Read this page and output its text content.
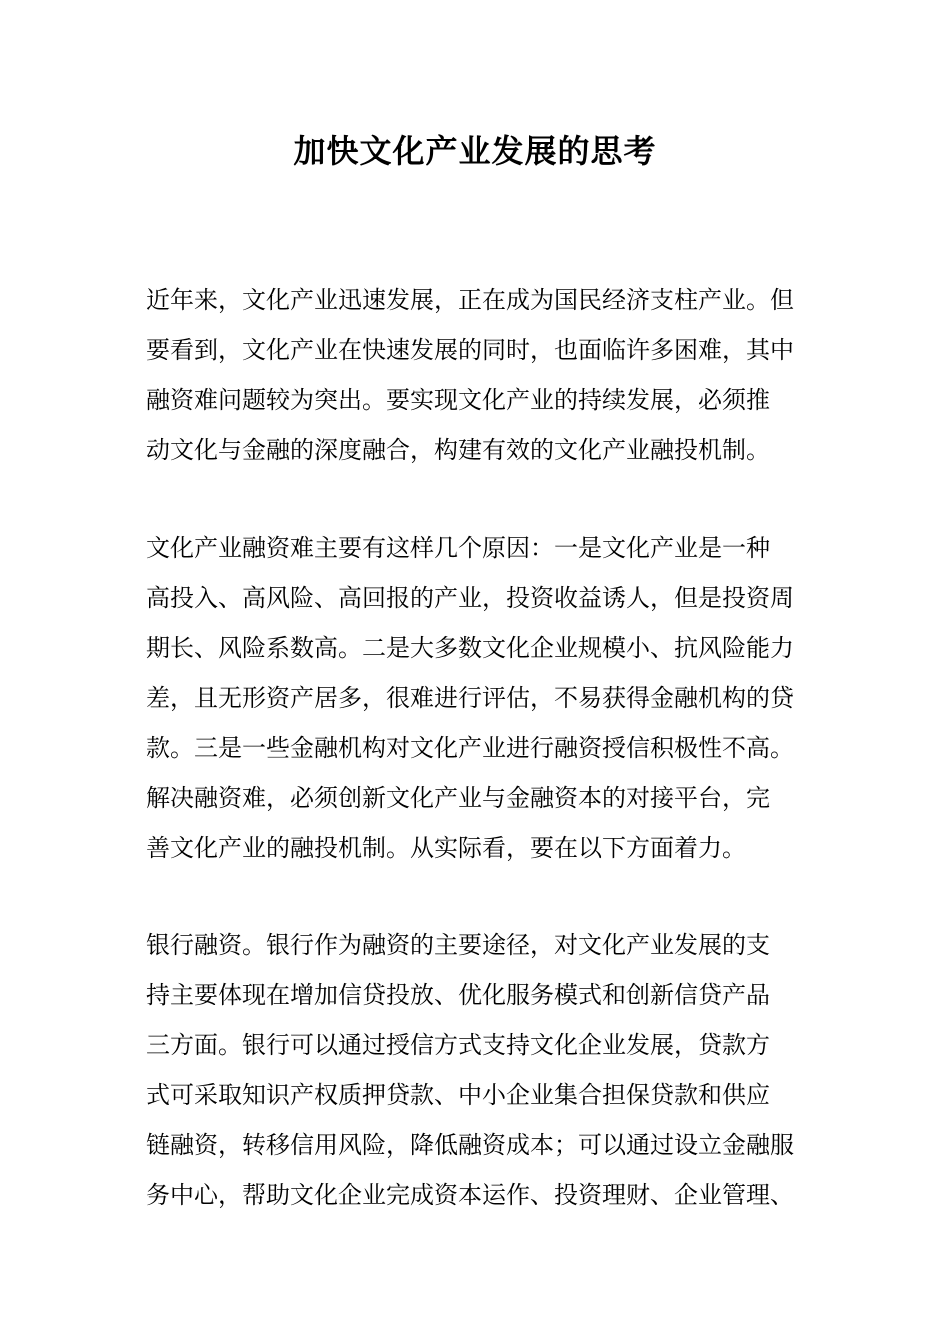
加快文化产业发展的思考
近年来，文化产业迅速发展，正在成为国民经济支柱产业。但
要看到，文化产业在快速发展的同时，也面临许多困难，其中
融资难问题较为突出。要实现文化产业的持续发展，必须推
动文化与金融的深度融合，构建有效的文化产业融投机制。
文化产业融资难主要有这样几个原因：一是文化产业是一种
高投入、高风险、高回报的产业，投资收益诱人，但是投资周
期长、风险系数高。二是大多数文化企业规模小、抗风险能力
差，且无形资产居多，很难进行评估，不易获得金融机构的贷
款。三是一些金融机构对文化产业进行融资授信积极性不高。
解决融资难，必须创新文化产业与金融资本的对接平台，完
善文化产业的融投机制。从实际看，要在以下方面着力。
银行融资。银行作为融资的主要途径，对文化产业发展的支
持主要体现在增加信贷投放、优化服务模式和创新信贷产品
三方面。银行可以通过授信方式支持文化企业发展，贷款方
式可采取知识产权质押贷款、中小企业集合担保贷款和供应
链融资，转移信用风险，降低融资成本；可以通过设立金融服
务中心，帮助文化企业完成资本运作、投资理财、企业管理、
